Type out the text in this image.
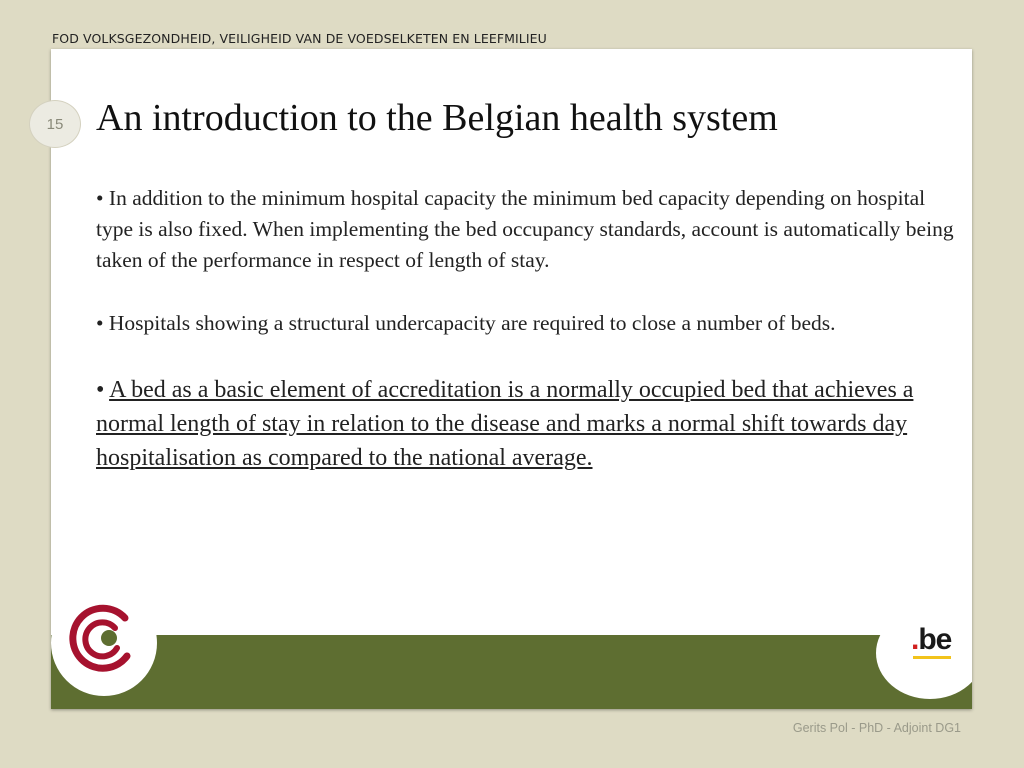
FOD VOLKSGEZONDHEID, VEILIGHEID VAN DE VOEDSELKETEN EN LEEFMILIEU
.be
15 An introduction to the Belgian health system

• In addition to the minimum hospital capacity the minimum bed capacity depending on hospital type is also fixed. When implementing the bed occupancy standards, account is automatically being taken of the performance in respect of length of stay.

• Hospitals showing a structural undercapacity are required to close a number of beds.

• A bed as a basic element of accreditation is a normally occupied bed that achieves a normal length of stay in relation to the disease and marks a normal shift towards day hospitalisation as compared to the national average.

Gerits Pol - PhD - Adjoint DG1
